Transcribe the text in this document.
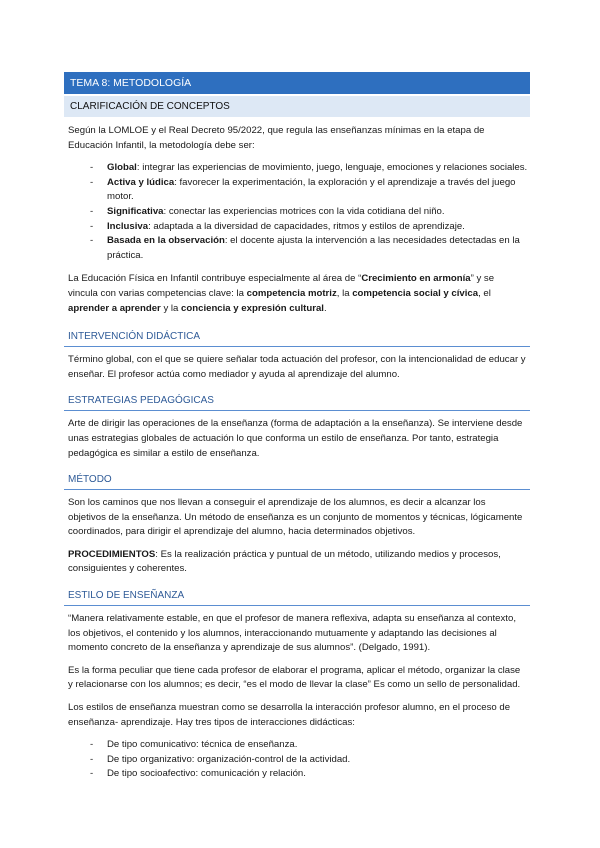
TEMA 8: METODOLOGÍA
CLARIFICACIÓN DE CONCEPTOS

Según la LOMLOE y el Real Decreto 95/2022, que regula las enseñanzas mínimas en la etapa de Educación Infantil, la metodología debe ser:

- Global: integrar las experiencias de movimiento, juego, lenguaje, emociones y relaciones sociales.
- Activa y lúdica: favorecer la experimentación, la exploración y el aprendizaje a través del juego motor.
- Significativa: conectar las experiencias motrices con la vida cotidiana del niño.
- Inclusiva: adaptada a la diversidad de capacidades, ritmos y estilos de aprendizaje.
- Basada en la observación: el docente ajusta la intervención a las necesidades detectadas en la práctica.

La Educación Física en Infantil contribuye especialmente al área de “Crecimiento en armonía” y se vincula con varias competencias clave: la competencia motriz, la competencia social y cívica, el aprender a aprender y la conciencia y expresión cultural.

INTERVENCIÓN DIDÁCTICA

Término global, con el que se quiere señalar toda actuación del profesor, con la intencionalidad de educar y enseñar. El profesor actúa como mediador y ayuda al aprendizaje del alumno.

ESTRATEGIAS PEDAGÓGICAS

Arte de dirigir las operaciones de la enseñanza (forma de adaptación a la enseñanza). Se interviene desde unas estrategias globales de actuación lo que conforma un estilo de enseñanza. Por tanto, estrategia pedagógica es similar a estilo de enseñanza.

MÉTODO

Son los caminos que nos llevan a conseguir el aprendizaje de los alumnos, es decir a alcanzar los objetivos de la enseñanza. Un método de enseñanza es un conjunto de momentos y técnicas, lógicamente coordinados, para dirigir el aprendizaje del alumno, hacia determinados objetivos.

PROCEDIMIENTOS: Es la realización práctica y puntual de un método, utilizando medios y procesos, consiguientes y coherentes.

ESTILO DE ENSEÑANZA

“Manera relativamente estable, en que el profesor de manera reflexiva, adapta su enseñanza al contexto, los objetivos, el contenido y los alumnos, interaccionando mutuamente y adaptando las decisiones al momento concreto de la enseñanza y aprendizaje de sus alumnos”. (Delgado, 1991).

Es la forma peculiar que tiene cada profesor de elaborar el programa, aplicar el método, organizar la clase y relacionarse con los alumnos; es decir, “es el modo de llevar la clase” Es como un sello de personalidad.

Los estilos de enseñanza muestran como se desarrolla la interacción profesor alumno, en el proceso de enseñanza- aprendizaje. Hay tres tipos de interacciones didácticas:

- De tipo comunicativo: técnica de enseñanza.
- De tipo organizativo: organización-control de la actividad.
- De tipo socioafectivo: comunicación y relación.
